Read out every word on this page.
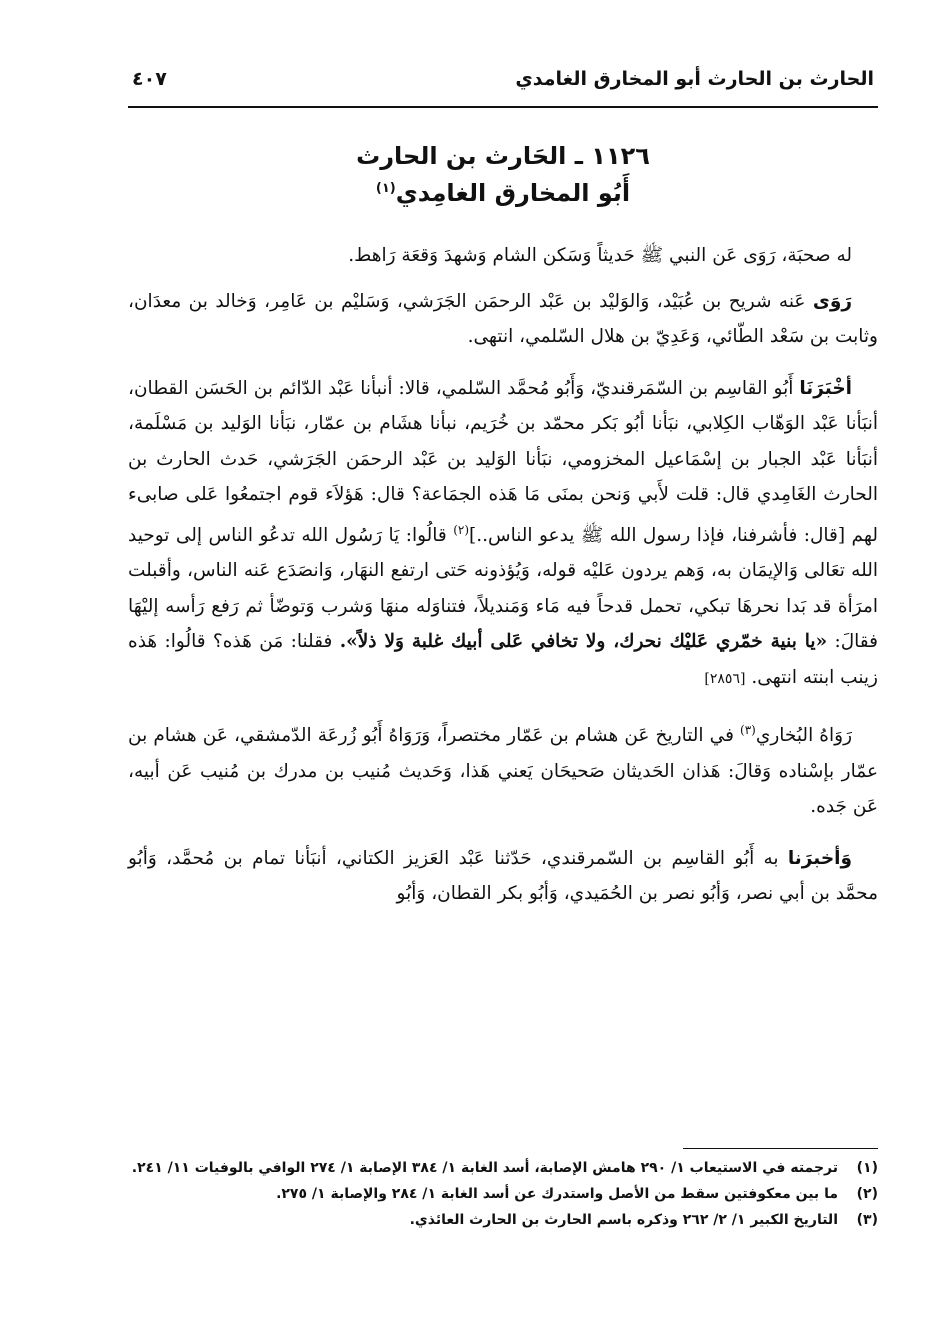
الحارث بن الحارث أبو المخارق الغامدي
٤٠٧
١١٢٦ ـ الحَارث بن الحارث
أَبُو المخارق الغامِدي$^{(١)}$

له صحبَة، رَوَى عَن النبي ﷺ حَديثاً وَسَكن الشام وَشهدَ وَقعَة رَاهط.

رَوَى عَنه شريح بن عُبَيْد، وَالوَليْد بن عَبْد الرحمَن الجَرَشي، وَسَليْم بن عَامِر، وَخالد بن معدَان، وثابت بن سَعْد الطّائي، وَعَدِيّ بن هلال السّلمي، انتهى.

أخْبَرَنَا أَبُو القاسِم بن السّمَرقنديّ، وَأَبُو مُحمَّد السّلمي، قالا: أنبأنا عَبْد الدّائم بن الحَسَن القطان، أنبَأنا عَبْد الوَهّاب الكِلابي، نبَأنا أبُو بَكر محمّد بن خُرَيم، نبأنا هشَام بن عمّار، نبَأنا الوَليد بن مَسْلَمة، أنبَأنا عَبْد الجبار بن إسْمَاعيل المخزومي، نبَأنا الوَليد بن عَبْد الرحمَن الجَرَشي، حَدث الحارث بن الحارث الغَامِدي قال: قلت لأَبي وَنحن بمنَى مَا هَذه الجمَاعة؟ قال: هَؤلاَء قوم اجتمعُوا عَلى صابىء لهم [قال: فأشرفنا، فإذا رسول الله ﷺ يدعو الناس..]$^{(٢)}$ قالُوا: يَا رَسُول الله تدعُو الناس إلى توحيد الله تعَالى وَالإيمَان به، وَهم يردون عَليْه قوله، وَيُؤذونه حَتى ارتفع النهَار، وَانصَدَع عَنه الناس، وأقبلت امرَأة قد بَدا نحرهَا تبكي، تحمل قدحاً فيه مَاء وَمَنديلاً، فتناوَله منهَا وَشرب وَتوضّأ ثم رَفع رَأسه إليْهَا فقالَ: «يا بنية خمّري عَليْك نحرك، ولا تخافي عَلى أبيك غلبة وَلا ذلاً». فقلنا: مَن هَذه؟ قالُوا: هَذه زينب ابنته انتهى. [٢٨٥٦]

رَوَاهُ البُخاري$^{(٣)}$ في التاريخ عَن هشام بن عَمّار مختصراً، وَرَوَاهُ أَبُو زُرعَة الدّمشقي، عَن هشام بن عمّار بإسْناده وَقالَ: هَذان الحَديثان صَحيحَان يَعني هَذا، وَحَديث مُنيب بن مدرك بن مُنيب عَن أبيه، عَن جَده.

وَأخبرَنا به أَبُو القاسِم بن السّمرقندي، حَدّثنا عَبْد العَزيز الكتاني، أنبَأنا تمام بن مُحمَّد، وَأبُو محمَّد بن أبي نصر، وَأبُو نصر بن الحُمَيدي، وَأبُو بكر القطان، وَأبُو

(١)
ترجمته في الاستيعاب ١/ ٢٩٠ هامش الإصابة، أسد الغابة ١/ ٣٨٤ الإصابة ١/ ٢٧٤ الوافي بالوفيات ١١/ ٢٤١.
(٢)
ما بين معكوفتين سقط من الأصل واستدرك عن أسد الغابة ١/ ٢٨٤ والإصابة ١/ ٢٧٥.
(٣)
التاريخ الكبير ١/ ٢/ ٢٦٢ وذكره باسم الحارث بن الحارث العائذي.
